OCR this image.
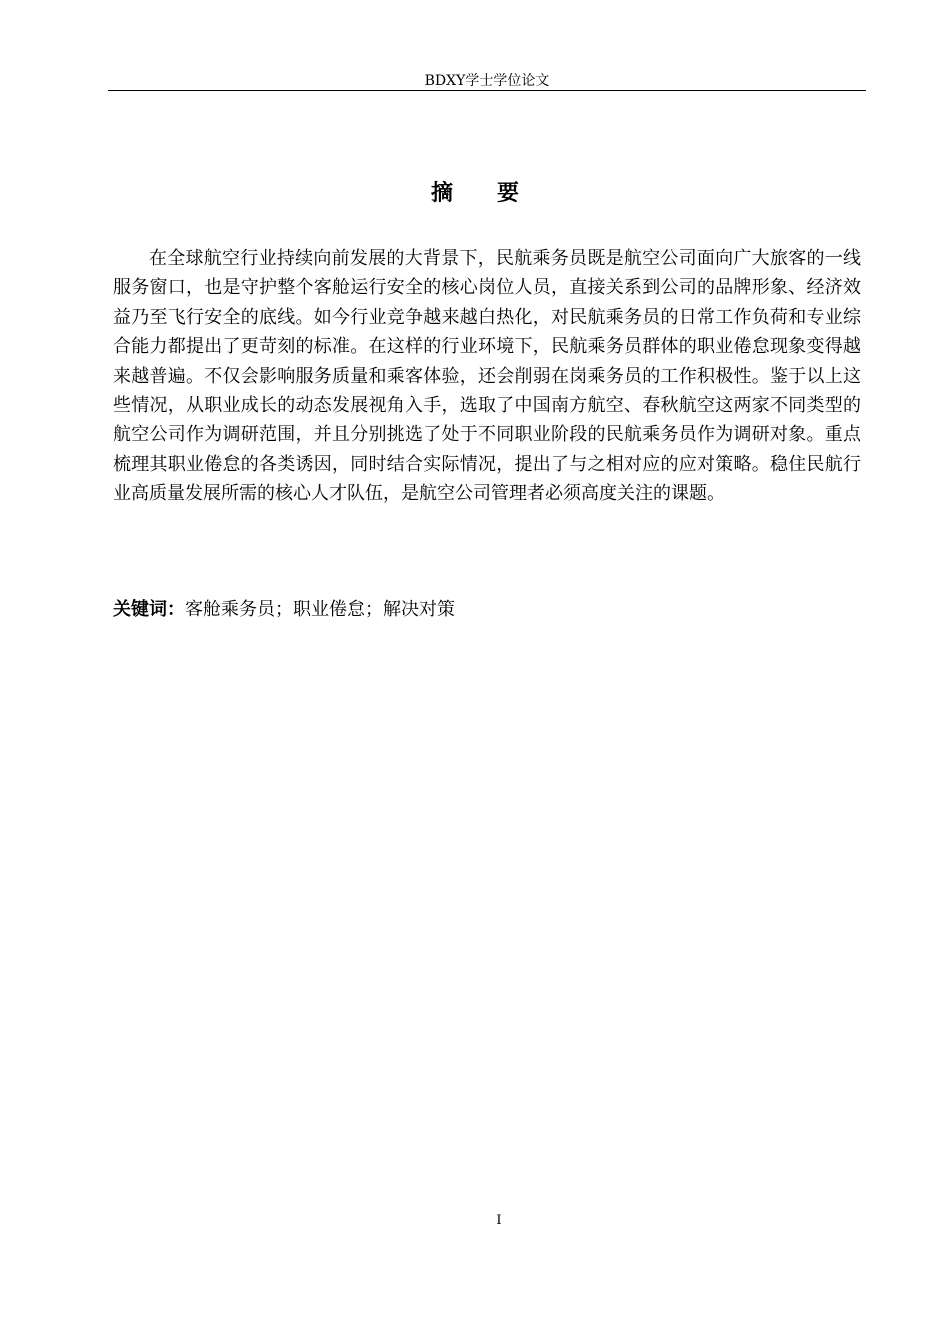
BDXY学士学位论文
摘 要

在全球航空行业持续向前发展的大背景下，民航乘务员既是航空公司面向广大旅客的一线服务窗口，也是守护整个客舱运行安全的核心岗位人员，直接关系到公司的品牌形象、经济效益乃至飞行安全的底线。如今行业竞争越来越白热化，对民航乘务员的日常工作负荷和专业综合能力都提出了更苛刻的标准。在这样的行业环境下，民航乘务员群体的职业倦怠现象变得越来越普遍。不仅会影响服务质量和乘客体验，还会削弱在岗乘务员的工作积极性。鉴于以上这些情况，从职业成长的动态发展视角入手，选取了中国南方航空、春秋航空这两家不同类型的航空公司作为调研范围，并且分别挑选了处于不同职业阶段的民航乘务员作为调研对象。重点梳理其职业倦怠的各类诱因，同时结合实际情况，提出了与之相对应的应对策略。稳住民航行业高质量发展所需的核心人才队伍，是航空公司管理者必须高度关注的课题。

关键词：客舱乘务员；职业倦怠；解决对策
I
